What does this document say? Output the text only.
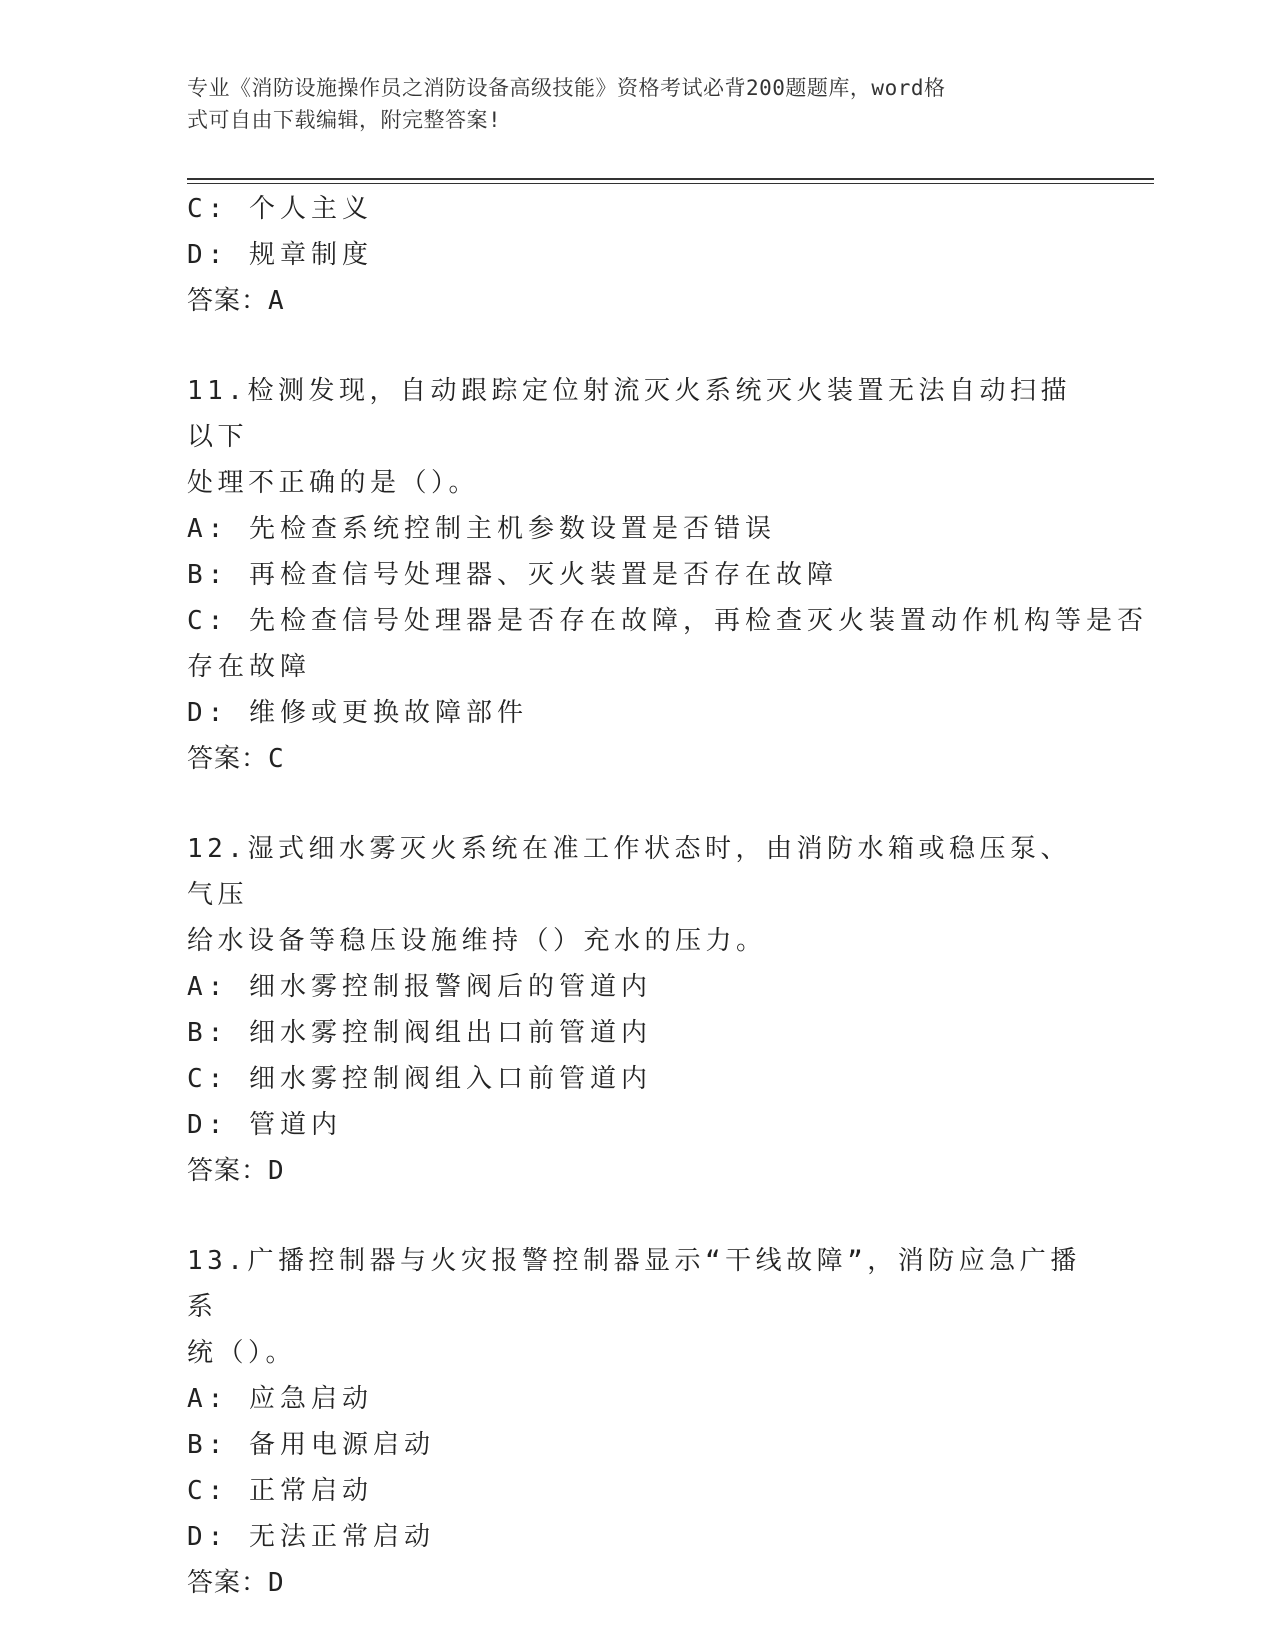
专业《消防设施操作员之消防设备高级技能》资格考试必背200题题库，word格
式可自由下载编辑，附完整答案!
C: 个人主义
D: 规章制度
答案：A
11.检测发现，自动跟踪定位射流灭火系统灭火装置无法自动扫描以下
处理不正确的是（）。
A: 先检查系统控制主机参数设置是否错误
B: 再检查信号处理器、灭火装置是否存在故障
C: 先检查信号处理器是否存在故障，再检查灭火装置动作机构等是否
存在故障
D: 维修或更换故障部件
答案：C
12.湿式细水雾灭火系统在准工作状态时，由消防水箱或稳压泵、气压
给水设备等稳压设施维持（）充水的压力。
A: 细水雾控制报警阀后的管道内
B: 细水雾控制阀组出口前管道内
C: 细水雾控制阀组入口前管道内
D: 管道内
答案：D
13.广播控制器与火灾报警控制器显示“干线故障”，消防应急广播系
统（）。
A: 应急启动
B: 备用电源启动
C: 正常启动
D: 无法正常启动
答案：D
